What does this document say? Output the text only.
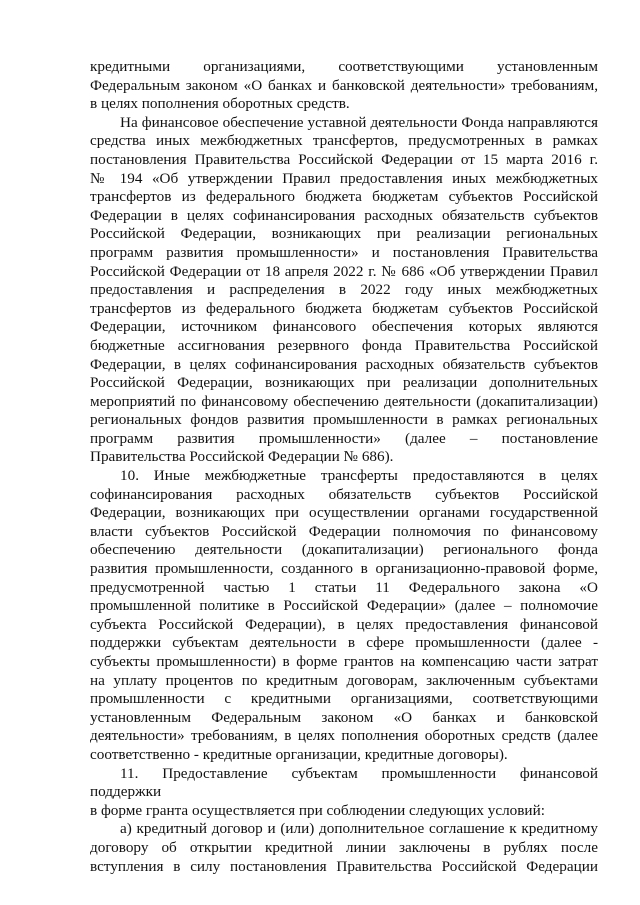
кредитными организациями, соответствующими установленным
Федеральным законом «О банках и банковской деятельности» требованиям,
в целях пополнения оборотных средств.
На финансовое обеспечение уставной деятельности Фонда направляются
средства иных межбюджетных трансфертов, предусмотренных в рамках
постановления Правительства Российской Федерации от 15 марта 2016 г.
№ 194 «Об утверждении Правил предоставления иных межбюджетных
трансфертов из федерального бюджета бюджетам субъектов Российской
Федерации в целях софинансирования расходных обязательств субъектов
Российской Федерации, возникающих при реализации региональных
программ развития промышленности» и постановления Правительства
Российской Федерации от 18 апреля 2022 г. № 686 «Об утверждении Правил
предоставления и распределения в 2022 году иных межбюджетных
трансфертов из федерального бюджета бюджетам субъектов Российской
Федерации, источником финансового обеспечения которых являются
бюджетные ассигнования резервного фонда Правительства Российской
Федерации, в целях софинансирования расходных обязательств субъектов
Российской Федерации, возникающих при реализации дополнительных
мероприятий по финансовому обеспечению деятельности (докапитализации)
региональных фондов развития промышленности в рамках региональных
программ развития промышленности» (далее – постановление
Правительства Российской Федерации № 686).
10. Иные межбюджетные трансферты предоставляются в целях
софинансирования расходных обязательств субъектов Российской
Федерации, возникающих при осуществлении органами государственной
власти субъектов Российской Федерации полномочия по финансовому
обеспечению деятельности (докапитализации) регионального фонда
развития промышленности, созданного в организационно-правовой форме,
предусмотренной частью 1 статьи 11 Федерального закона «О
промышленной политике в Российской Федерации» (далее – полномочие
субъекта Российской Федерации), в целях предоставления финансовой
поддержки субъектам деятельности в сфере промышленности (далее -
субъекты промышленности) в форме грантов на компенсацию части затрат
на уплату процентов по кредитным договорам, заключенным субъектами
промышленности с кредитными организациями, соответствующими
установленным Федеральным законом «О банках и банковской
деятельности» требованиям, в целях пополнения оборотных средств (далее
соответственно - кредитные организации, кредитные договоры).
11. Предоставление субъектам промышленности финансовой
поддержки
в форме гранта осуществляется при соблюдении следующих условий:
а) кредитный договор и (или) дополнительное соглашение к кредитному
договору об открытии кредитной линии заключены в рублях после
вступления в силу постановления Правительства Российской Федерации
